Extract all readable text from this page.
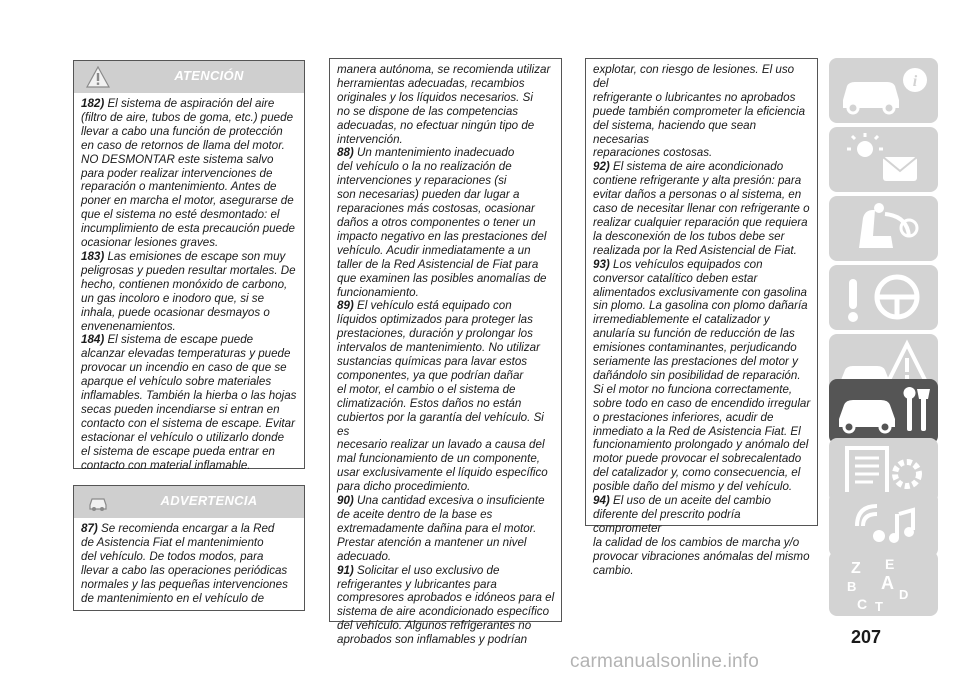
ATENCIÓN

182) El sistema de aspiración del aire
(filtro de aire, tubos de goma, etc.) puede
llevar a cabo una función de protección
en caso de retornos de llama del motor.
NO DESMONTAR este sistema salvo
para poder realizar intervenciones de
reparación o mantenimiento. Antes de
poner en marcha el motor, asegurarse de
que el sistema no esté desmontado: el
incumplimiento de esta precaución puede
ocasionar lesiones graves.

183) Las emisiones de escape son muy
peligrosas y pueden resultar mortales. De
hecho, contienen monóxido de carbono,
un gas incoloro e inodoro que, si se
inhala, puede ocasionar desmayos o
envenenamientos.

184) El sistema de escape puede
alcanzar elevadas temperaturas y puede
provocar un incendio en caso de que se
aparque el vehículo sobre materiales
inflamables. También la hierba o las hojas
secas pueden incendiarse si entran en
contacto con el sistema de escape. Evitar
estacionar el vehículo o utilizarlo donde
el sistema de escape pueda entrar en
contacto con material inflamable.

ADVERTENCIA

87) Se recomienda encargar a la Red
de Asistencia Fiat el mantenimiento
del vehículo. De todos modos, para
llevar a cabo las operaciones periódicas
normales y las pequeñas intervenciones
de mantenimiento en el vehículo de

manera autónoma, se recomienda utilizar
herramientas adecuadas, recambios
originales y los líquidos necesarios. Si
no se dispone de las competencias
adecuadas, no efectuar ningún tipo de
intervención.

88) Un mantenimiento inadecuado
del vehículo o la no realización de
intervenciones y reparaciones (si
son necesarias) pueden dar lugar a
reparaciones más costosas, ocasionar
daños a otros componentes o tener un
impacto negativo en las prestaciones del
vehículo. Acudir inmediatamente a un
taller de la Red Asistencial de Fiat para
que examinen las posibles anomalías de
funcionamiento.

89) El vehículo está equipado con
líquidos optimizados para proteger las
prestaciones, duración y prolongar los
intervalos de mantenimiento. No utilizar
sustancias químicas para lavar estos
componentes, ya que podrían dañar
el motor, el cambio o el sistema de
climatización. Estos daños no están
cubiertos por la garantía del vehículo. Si es
necesario realizar un lavado a causa del
mal funcionamiento de un componente,
usar exclusivamente el líquido específico
para dicho procedimiento.

90) Una cantidad excesiva o insuficiente
de aceite dentro de la base es
extremadamente dañina para el motor.
Prestar atención a mantener un nivel
adecuado.

91) Solicitar el uso exclusivo de
refrigerantes y lubricantes para
compresores aprobados e idóneos para el
sistema de aire acondicionado específico
del vehículo. Algunos refrigerantes no
aprobados son inflamables y podrían

explotar, con riesgo de lesiones. El uso del
refrigerante o lubricantes no aprobados
puede también comprometer la eficiencia
del sistema, haciendo que sean necesarias
reparaciones costosas.

92) El sistema de aire acondicionado
contiene refrigerante y alta presión: para
evitar daños a personas o al sistema, en
caso de necesitar llenar con refrigerante o
realizar cualquier reparación que requiera
la desconexión de los tubos debe ser
realizada por la Red Asistencial de Fiat.

93) Los vehículos equipados con
conversor catalítico deben estar
alimentados exclusivamente con gasolina
sin plomo. La gasolina con plomo dañaría
irremediablemente el catalizador y
anularía su función de reducción de las
emisiones contaminantes, perjudicando
seriamente las prestaciones del motor y
dañándolo sin posibilidad de reparación.
Si el motor no funciona correctamente,
sobre todo en caso de encendido irregular
o prestaciones inferiores, acudir de
inmediato a la Red de Asistencia Fiat. El
funcionamiento prolongado y anómalo del
motor puede provocar el sobrecalentado
del catalizador y, como consecuencia, el
posible daño del mismo y del vehículo.

94) El uso de un aceite del cambio
diferente del prescrito podría comprometer
la calidad de los cambios de marcha y/o
provocar vibraciones anómalas del mismo
cambio.

i
Z E
B A
D
C T
207
carmanualsonline.info
